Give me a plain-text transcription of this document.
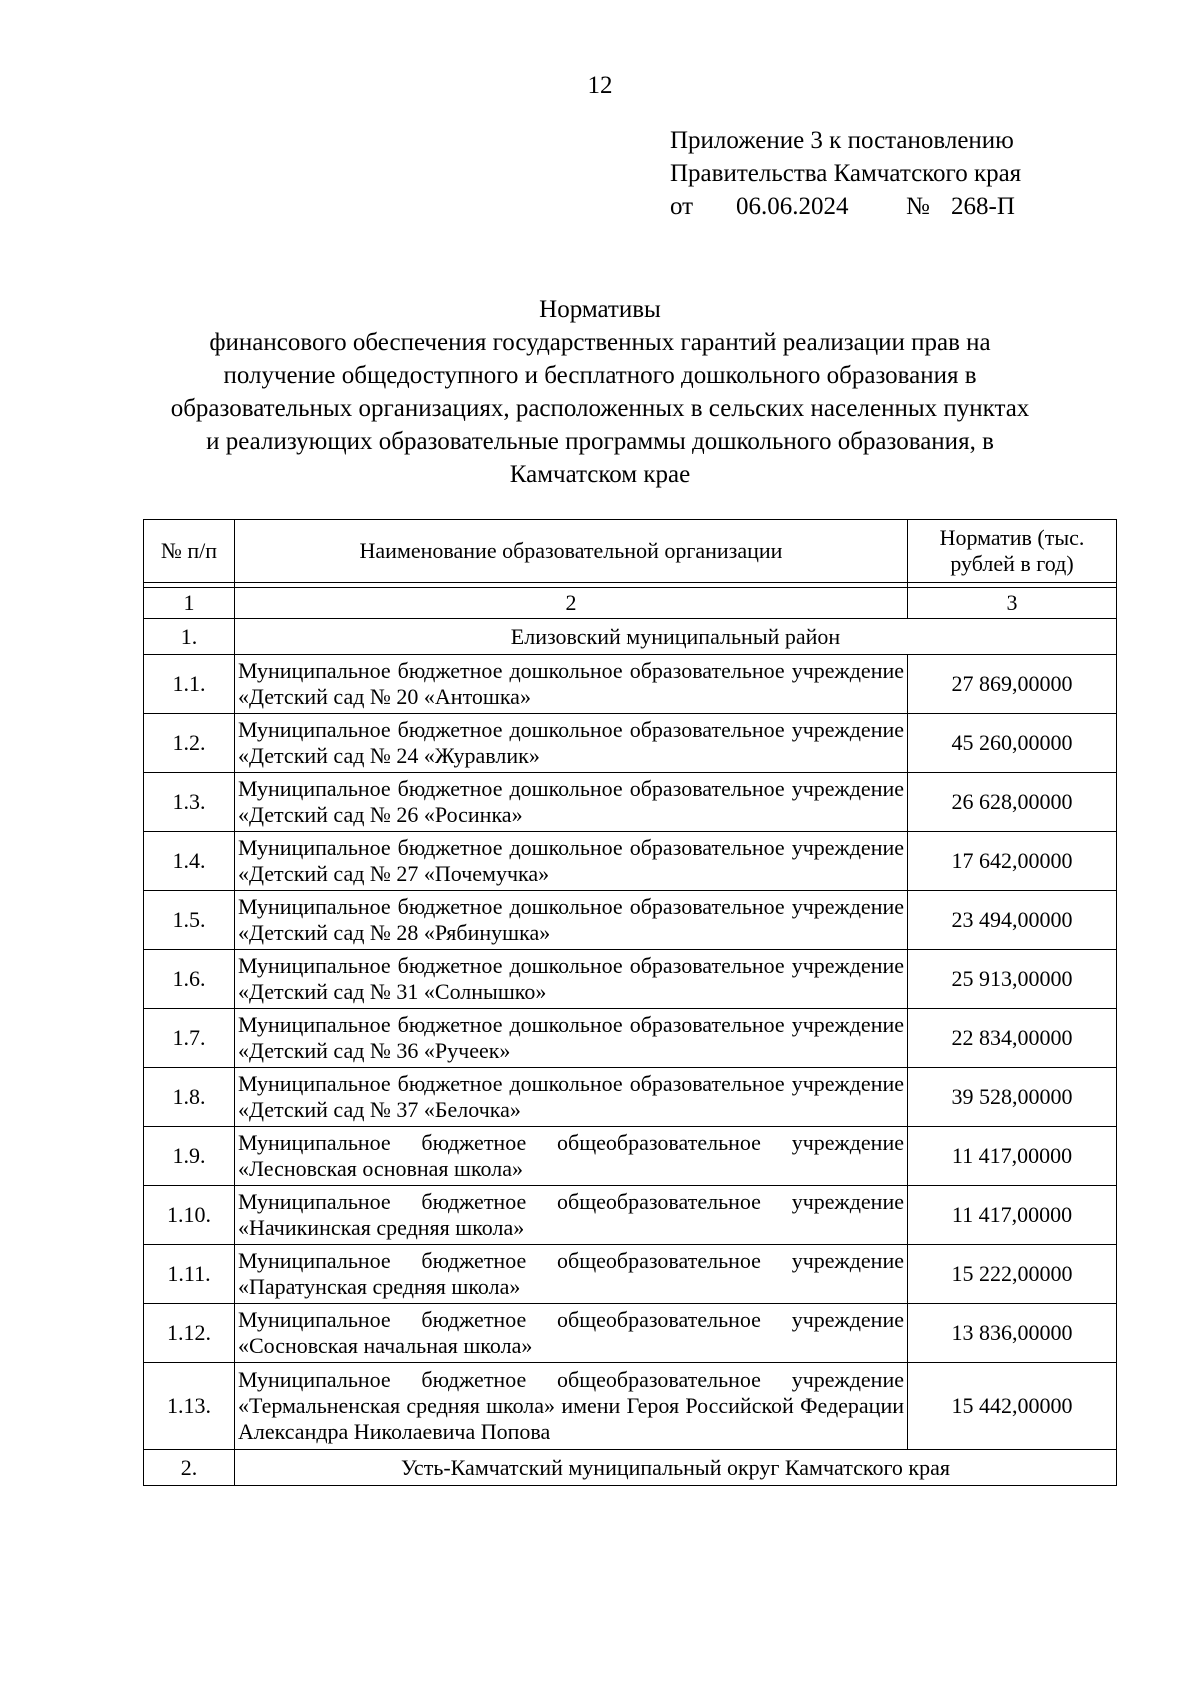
12
Приложение 3 к постановлению
Правительства Камчатского края
от	06.06.2024	№ 268-П
Нормативы
финансового обеспечения государственных гарантий реализации прав на
получение общедоступного и бесплатного дошкольного образования в
образовательных организациях, расположенных в сельских населенных пунктах
и реализующих образовательные программы дошкольного образования, в
Камчатском крае
№ п/п	Наименование образовательной организации	Норматив (тыс. рублей в год)

1	2	3
1.	Елизовский муниципальный район	
1.1.	Муниципальное бюджетное дошкольное образовательное учреждение «Детский сад № 20 «Антошка»	27 869,00000
1.2.	Муниципальное бюджетное дошкольное образовательное учреждение «Детский сад № 24 «Журавлик»	45 260,00000
1.3.	Муниципальное бюджетное дошкольное образовательное учреждение «Детский сад № 26 «Росинка»	26 628,00000
1.4.	Муниципальное бюджетное дошкольное образовательное учреждение «Детский сад № 27 «Почемучка»	17 642,00000
1.5.	Муниципальное бюджетное дошкольное образовательное учреждение «Детский сад № 28 «Рябинушка»	23 494,00000
1.6.	Муниципальное бюджетное дошкольное образовательное учреждение «Детский сад № 31 «Солнышко»	25 913,00000
1.7.	Муниципальное бюджетное дошкольное образовательное учреждение «Детский сад № 36 «Ручеек»	22 834,00000
1.8.	Муниципальное бюджетное дошкольное образовательное учреждение «Детский сад № 37 «Белочка»	39 528,00000
1.9.	Муниципальное бюджетное общеобразовательное учреждение «Лесновская основная школа»	11 417,00000
1.10.	Муниципальное бюджетное общеобразовательное учреждение «Начикинская средняя школа»	11 417,00000
1.11.	Муниципальное бюджетное общеобразовательное учреждение «Паратунская средняя школа»	15 222,00000
1.12.	Муниципальное бюджетное общеобразовательное учреждение «Сосновская начальная школа»	13 836,00000
1.13.	Муниципальное бюджетное общеобразовательное учреждение «Термальненская средняя школа» имени Героя Российской Федерации Александра Николаевича Попова	15 442,00000
2.	Усть-Камчатский муниципальный округ Камчатского края	
